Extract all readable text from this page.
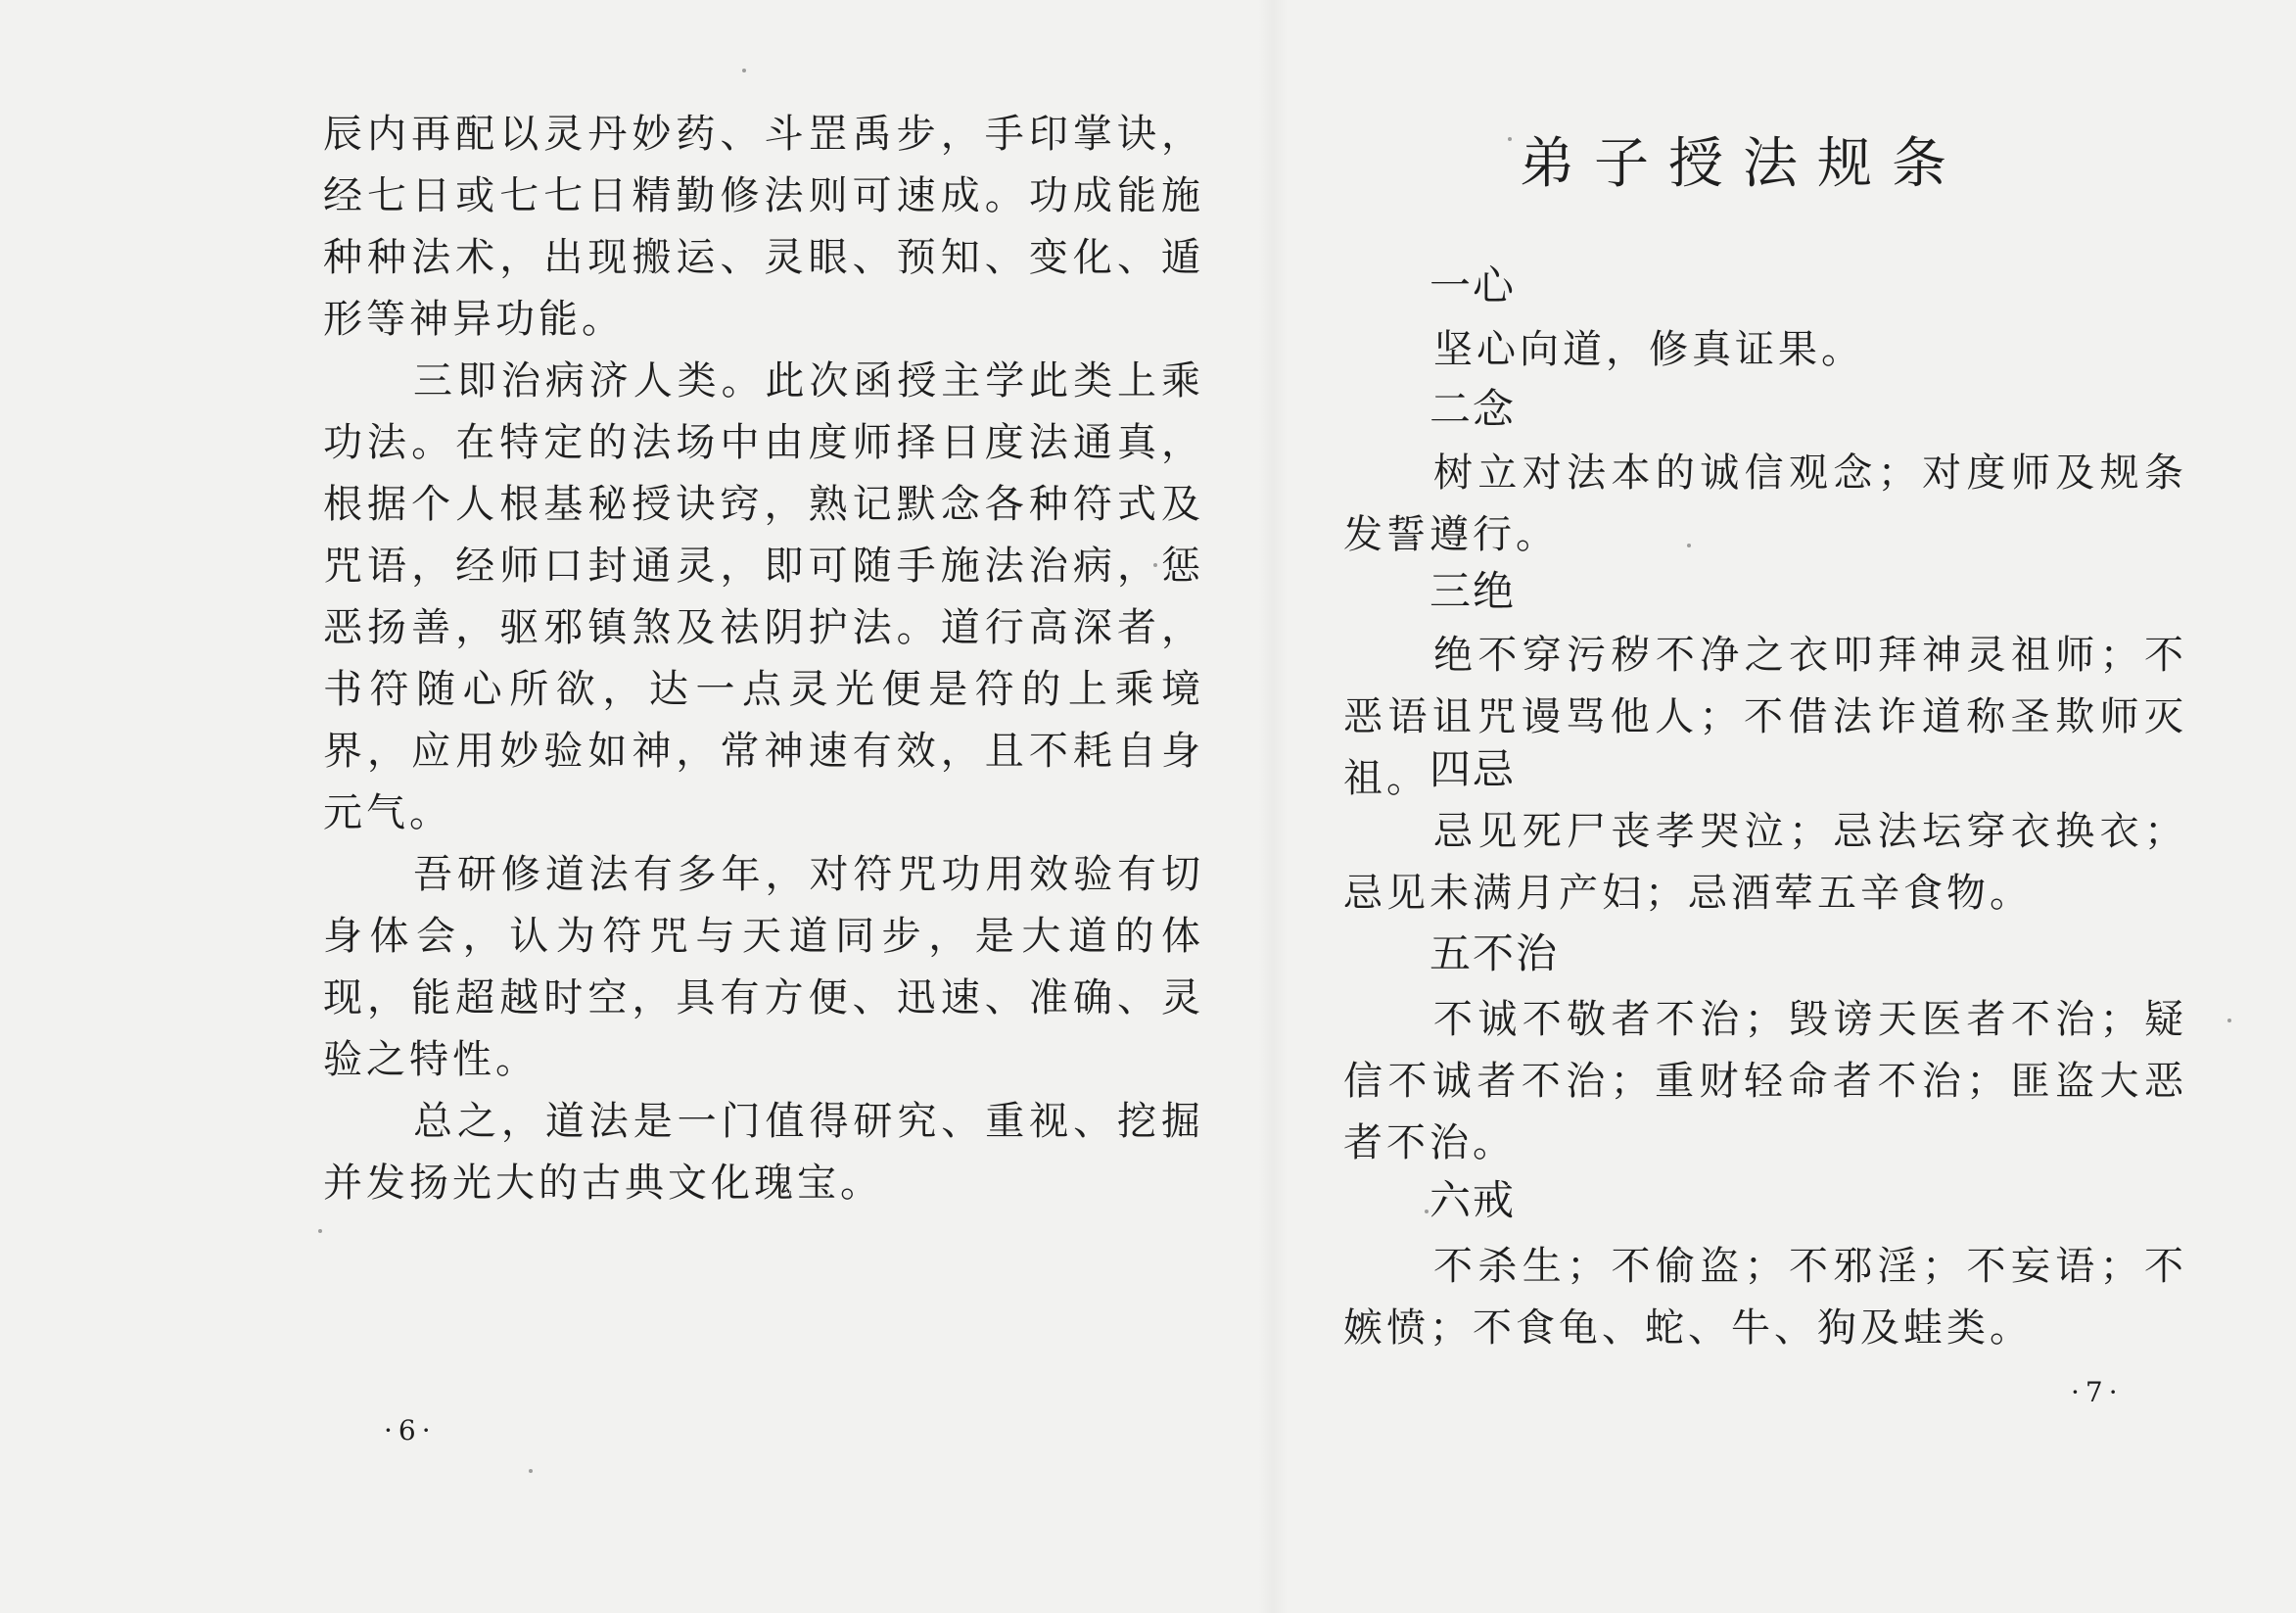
辰内再配以灵丹妙药、斗罡禹步，手印掌诀，经七日或七七日精勤修法则可速成。功成能施种种法术，出现搬运、灵眼、预知、变化、遁形等神异功能。

三即治病济人类。此次函授主学此类上乘功法。在特定的法场中由度师择日度法通真，根据个人根基秘授诀窍，熟记默念各种符式及咒语，经师口封通灵，即可随手施法治病，惩恶扬善，驱邪镇煞及祛阴护法。道行高深者，书符随心所欲，达一点灵光便是符的上乘境界，应用妙验如神，常神速有效，且不耗自身元气。

吾研修道法有多年，对符咒功用效验有切身体会，认为符咒与天道同步，是大道的体现，能超越时空，具有方便、迅速、准确、灵验之特性。

总之，道法是一门值得研究、重视、挖掘并发扬光大的古典文化瑰宝。

·6·
弟子授法规条
一心

坚心向道，修真证果。

二念

树立对法本的诚信观念；对度师及规条发誓遵行。

三绝

绝不穿污秽不净之衣叩拜神灵祖师；不恶语诅咒谩骂他人；不借法诈道称圣欺师灭祖。 四忌

忌见死尸丧孝哭泣；忌法坛穿衣换衣；忌见未满月产妇；忌酒荤五辛食物。

五不治

不诚不敬者不治；毁谤天医者不治；疑信不诚者不治；重财轻命者不治；匪盗大恶者不治。

六戒

不杀生；不偷盗；不邪淫；不妄语；不嫉愤；不食龟、蛇、牛、狗及蛙类。

·7·
